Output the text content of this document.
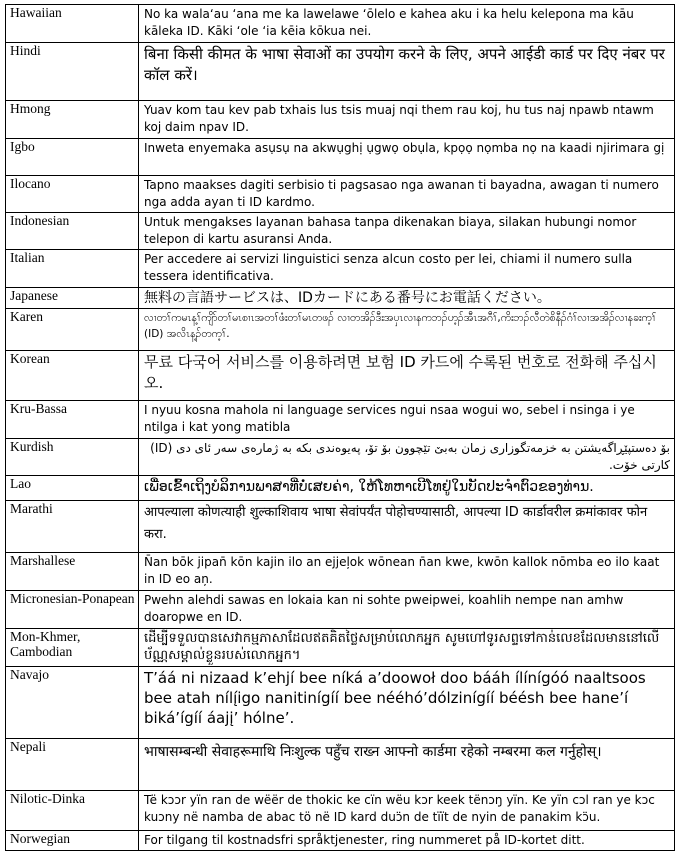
Hawaiian	No ka wala‘au ‘ana me ka lawelawe ‘ōlelo e kahea aku i ka helu kelepona ma kāu kāleka ID. Kāki ‘ole ‘ia kēia kōkua nei.
Hindi	बिना किसी कीमत के भाषा सेवाओं का उपयोग करने के लिए, अपने आईडी कार्ड पर दिए नंबर पर कॉल करें।
Hmong	Yuav kom tau kev pab txhais lus tsis muaj nqi them rau koj, hu tus naj npawb ntawm koj daim npav ID.
Igbo	Inweta enyemaka asụsụ na akwụghị ụgwọ obụla, kpọọ nọmba nọ na kaadi njirimara gị
Ilocano	Tapno maakses dagiti serbisio ti pagsasao nga awanan ti bayadna, awagan ti numero nga adda ayan ti ID kardmo.
Indonesian	Untuk mengakses layanan bahasa tanpa dikenakan biaya, silakan hubungi nomor telepon di kartu asuransi Anda.
Italian	Per accedere ai servizi linguistici senza alcun costo per lei, chiami il numero sulla tessera identificativa.
Japanese	無料の言語サービスは、IDカードにある番号にお電話ください。
Karen	လၢတၢ်ကမၤန့ၢ်ကျိာ်တၢ်မၤစၢၤအတၢ်ဖံးတၢ်မၤတဖၣ် လၢတအိၣ်ဒီးအပှၤလၢနကဘၣ်ဟ့ၣ်အီၤအဂီၢ်,ကိးဘၣ်လီတဲစိနီၣ်ဂံၢ်လၢအအိၣ်လၢနခးက့ၢ် (ID) အလိၤန့ၣ်တက့ၢ်.
Korean	무료 다국어 서비스를 이용하려면 보험 ID 카드에 수록된 번호로 전화해 주십시오.
Kru-Bassa	I nyuu kosna mahola ni language services ngui nsaa wogui wo, sebel i nsinga i ye ntilga i kat yong matibla
Kurdish	بۆ دەستپێڕاگەیشتن بە خزمەتگوزاری زمان بەبێ تێچوون بۆ تۆ، پەیوەندی بکە بە ژمارەی سەر ئای دی (ID) کارتی خۆت.
Lao	ເພື່ອເຂົ້າເຖິງບໍລິການພາສາທີ່ບໍ່ເສຍຄ່າ, ໃຫ້ໂທຫາເບີໂທຢູ່ໃນບັດປະຈຳຕົວຂອງທ່ານ.
Marathi	आपल्याला कोणत्याही शुल्काशिवाय भाषा सेवांपर्यंत पोहोचण्यासाठी, आपल्या ID कार्डावरील क्रमांकावर फोन करा.
Marshallese	N̄an bōk jipan̄ kōn kajin ilo an ejjeļok wōnean n̄an kwe, kwōn kallok nōmba eo ilo kaat in ID eo aņ.
Micronesian-Ponapean	Pwehn alehdi sawas en lokaia kan ni sohte pweipwei, koahlih nempe nan amhw doaropwe en ID.
Mon-Khmer, Cambodian	ដើម្បីទទួលបានសេវាកម្មភាសាដែលឥតគិតថ្លៃសម្រាប់លោកអ្នក សូមហៅទូរសព្ទទៅកាន់លេខដែលមាននៅលើប័ណ្ណសម្គាល់ខ្លួនរបស់លោកអ្នក។
Navajo	T’áá ni nizaad k’ehjí bee níká a’doowoł doo bááh ílínígóó naaltsoos bee atah nílį́igo nanitinígíí bee nééhó’dólzinígíí béésh bee hane’í biká’ígíí áajį’ hólne’.
Nepali	भाषासम्बन्धी सेवाहरूमाथि निःशुल्क पहुँच राख्न आफ्नो कार्डमा रहेको नम्बरमा कल गर्नुहोस्।
Nilotic-Dinka	Të kɔɔr yïn ran de wëër de thokic ke cïn wëu kɔr keek tënɔŋ yïn. Ke yïn cɔl ran ye kɔc kuɔny në namba de abac tö në ID kard duɔ̈n de tïït de nyin de panakim kɔ̈u.
Norwegian	For tilgang til kostnadsfri språktjenester, ring nummeret på ID-kortet ditt.
